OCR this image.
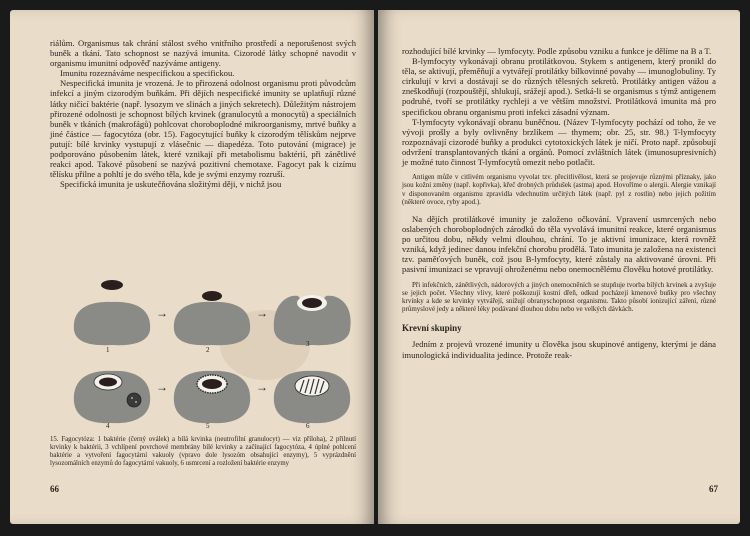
riálům. Organismus tak chrání stálost svého vnitřního prostředí a neporušenost svých buněk a tkání. Tato schopnost se nazývá imunita. Cizorodé látky schopné navodit v organismu imunitní odpověď nazýváme antigeny.

Imunitu rozeznáváme nespecifickou a specifickou.

Nespecifická imunita je vrozená. Je to přirozená odolnost organismu proti původcům infekcí a jiným cizorodým buňkám. Při dějích nespecifické imunity se uplatňují různé látky ničící baktérie (např. lysozym ve slinách a jiných sekretech). Důležitým nástrojem přirozené odolnosti je schopnost bílých krvinek (granulocytů a monocytů) a speciálních buněk v tkáních (makrofágů) pohlcovat choroboplodné mikroorganismy, mrtvé buňky a jiné částice — fagocytóza (obr. 15). Fagocytující buňky k cizorodým tělískům nejprve putují: bílé krvinky vystupují z vlásečnic — diapedéza. Toto putování (migrace) je podporováno působením látek, které vznikají při metabolismu baktérií, při zánětlivé reakci apod. Takové působení se nazývá pozitivní chemotaxe. Fagocyt pak k cizímu tělísku přilne a pohltí je do svého těla, kde je svými enzymy rozruší.

Specifická imunita je uskutečňována složitými ději, v nichž jsou

→	→
→	→
1	2
3
4	5	6
15. Fagocytóza: 1 baktérie (černý oválek) a bílá krvinka (neutrofilní granulocyt) — viz příloha), 2 přilnutí krvinky k baktérii, 3 vchlípení povrchové membrány bílé krvinky a začínající fagocytóza, 4 úplné pohlcení baktérie a vytvoření fagocytární vakuoly (vpravo dole lysozóm obsahující enzymy), 5 vyprázdnění lysozomálních enzymů do fagocytární vakuoly, 6 usmrcení a rozložení baktérie enzymy
66

rozhodující bílé krvinky — lymfocyty. Podle způsobu vzniku a funkce je dělíme na B a T.

B-lymfocyty vykonávají obranu protilátkovou. Stykem s antigenem, který pronikl do těla, se aktivují, přeměňují a vytvářejí protilátky bílkovinné povahy — imunoglobuliny. Ty cirkulují v krvi a dostávají se do různých tělesných sekretů. Protilátky antigen vážou a zneškodňují (rozpouštějí, shlukují, srážejí apod.). Setká-li se organismus s týmž antigenem podruhé, tvoří se protilátky rychleji a ve větším množství. Protilátková imunita má pro specifickou obranu organismu proti infekci zásadní význam.

T-lymfocyty vykonávají obranu buněčnou. (Název T-lymfocyty pochází od toho, že ve vývoji prošly a byly ovlivněny brzlíkem — thymem; obr. 25, str. 98.) T-lymfocyty rozpoznávají cizorodé buňky a produkci cytotoxických látek je ničí. Proto např. způsobují odvržení transplantovaných tkání a orgánů. Pomocí zvláštních látek (imunosupresivních) je možné tuto činnost T-lymfocytů omezit nebo potlačit.

Antigen může v citlivém organismu vyvolat tzv. přecitlivělost, která se projevuje různými příznaky, jako jsou kožní změny (např. kopřivka), křeč drobných průdušek (astma) apod. Hovoříme o alergii. Alergie vznikají v disponovaném organismu zpravidla vdechnutím určitých látek (např. pyl z rostlin) nebo jejich požitím (některé ovoce, ryby apod.).

Na dějích protilátkové imunity je založeno očkování. Vpravení usmrcených nebo oslabených choroboplodných zárodků do těla vyvolává imunitní reakce, které organismus po určitou dobu, někdy velmi dlouhou, chrání. To je aktivní imunizace, která rovněž vzniká, když jedinec danou infekční chorobu prodělá. Tato imunita je založena na existenci tzv. paměťových buněk, což jsou B-lymfocyty, které zůstaly na aktivované úrovni. Při pasivní imunizaci se vpravují ohroženému nebo onemocnělému člověku hotové protilátky.

Při infekčních, zánětlivých, nádorových a jiných onemocněních se stupňuje tvorba bílých krvinek a zvyšuje se jejich počet. Všechny vlivy, které poškozují kostní dřeň, odkud pocházejí kmenové buňky pro všechny krvinky a kde se krvinky vytvářejí, snižují obranyschopnost organismu. Takto působí ionizující záření, různé průmyslové jedy a některé léky podávané dlouhou dobu nebo ve velkých dávkách.

Krevní skupiny

Jedním z projevů vrozené imunity u člověka jsou skupinové antigeny, kterými je dána imunologická individualita jedince. Protože reak-

67
